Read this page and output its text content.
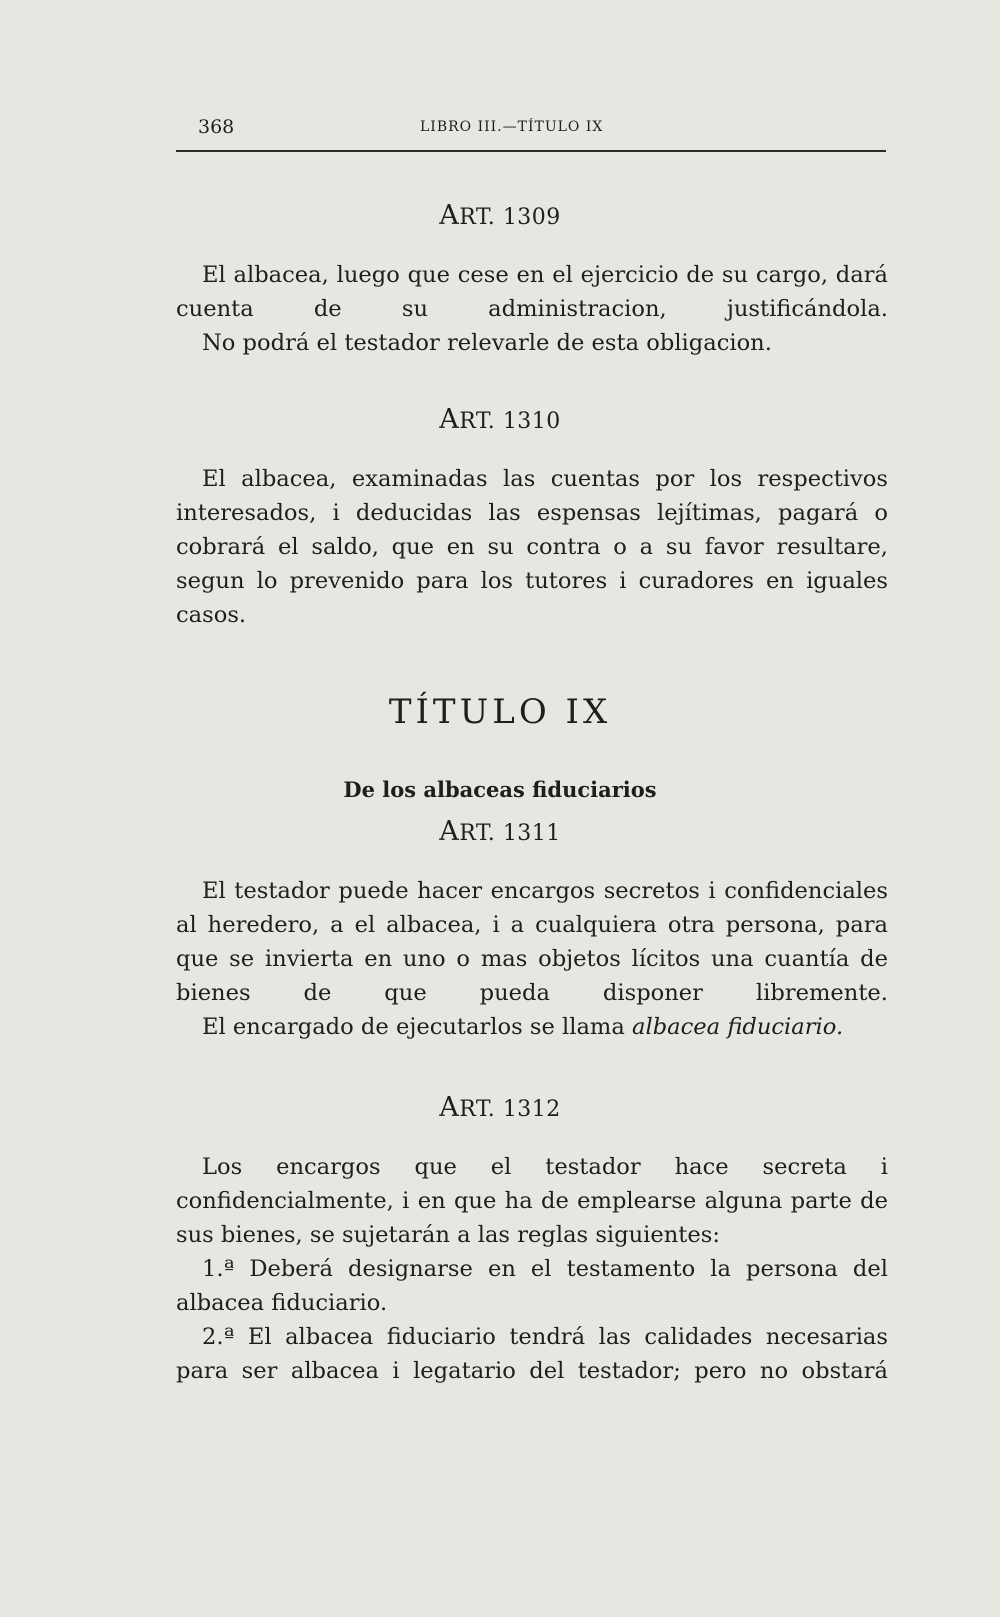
368	LIBRO III.—TÍTULO IX
ART. 1309

El albacea, luego que cese en el ejercicio de su cargo, dará cuenta de su administracion, justificándola.

No podrá el testador relevarle de esta obligacion.

ART. 1310

El albacea, examinadas las cuentas por los respectivos interesados, i deducidas las espensas lejítimas, pagará o cobrará el saldo, que en su contra o a su favor resultare, segun lo prevenido para los tutores i curadores en iguales casos.

TÍTULO IX
De los albaceas fiduciarios
ART. 1311

El testador puede hacer encargos secretos i confidenciales al heredero, a el albacea, i a cualquiera otra persona, para que se invierta en uno o mas objetos lícitos una cuantía de bienes de que pueda disponer libremente.

El encargado de ejecutarlos se llama albacea fiduciario.

ART. 1312

Los encargos que el testador hace secreta i confidencialmente, i en que ha de emplearse alguna parte de sus bienes, se sujetarán a las reglas siguientes:

1.ª Deberá designarse en el testamento la persona del albacea fiduciario.

2.ª El albacea fiduciario tendrá las calidades necesarias para ser albacea i legatario del testador; pero no obstará
